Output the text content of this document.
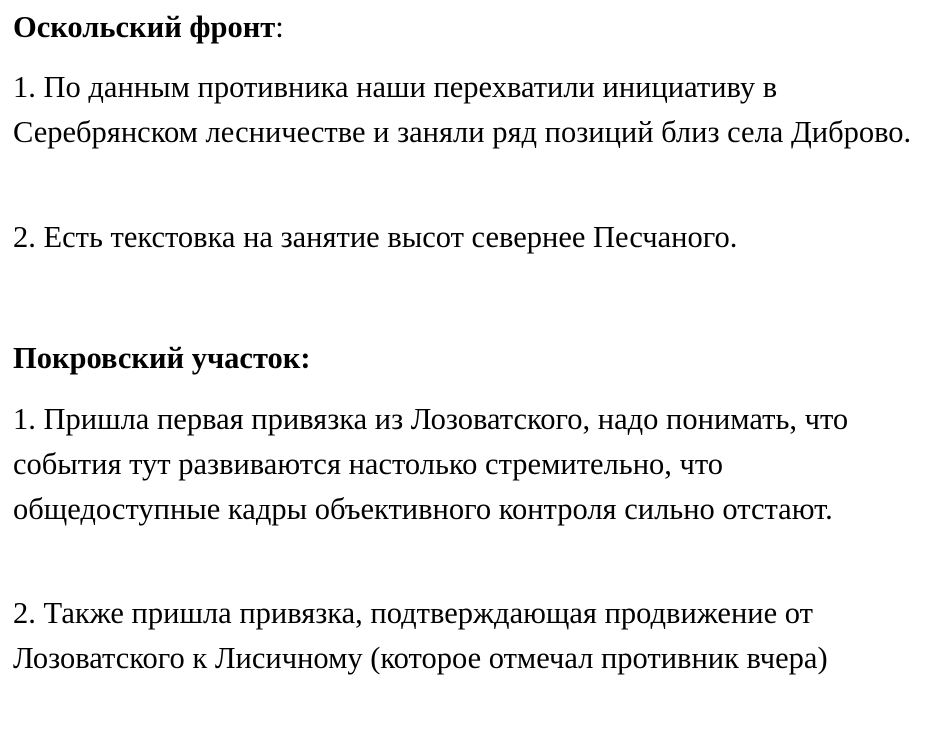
Оскольский фронт:

1. По данным противника наши перехватили инициативу в Серебрянском лесничестве и заняли ряд позиций близ села Диброво.

2. Есть текстовка на занятие высот севернее Песчаного.

Покровский участок:

1. Пришла первая привязка из Лозоватского, надо понимать, что события тут развиваются настолько стремительно, что общедоступные кадры объективного контроля сильно отстают.

2. Также пришла привязка, подтверждающая продвижение от Лозоватского к Лисичному (которое отмечал противник вчера)
